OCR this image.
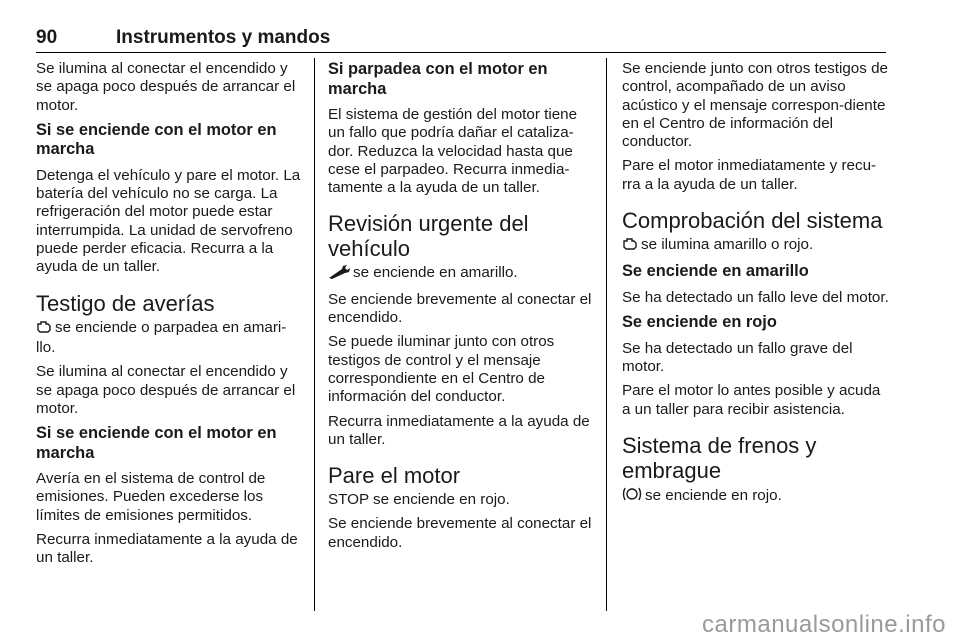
90	Instrumentos y mandos

Se ilumina al conectar el encendido y se apaga poco después de arrancar el motor.

Si se enciende con el motor en marcha

Detenga el vehículo y pare el motor. La batería del vehículo no se carga. La refrigeración del motor puede estar interrumpida. La unidad de servofreno puede perder eficacia. Recurra a la ayuda de un taller.

Testigo de averías

se enciende o parpadea en amari-llo.

Se ilumina al conectar el encendido y se apaga poco después de arrancar el motor.

Si se enciende con el motor en marcha

Avería en el sistema de control de emisiones. Pueden excederse los límites de emisiones permitidos.

Recurra inmediatamente a la ayuda de un taller.

Si parpadea con el motor en marcha

El sistema de gestión del motor tiene un fallo que podría dañar el cataliza-dor. Reduzca la velocidad hasta que cese el parpadeo. Recurra inmedia-tamente a la ayuda de un taller.

Revisión urgente del vehículo

se enciende en amarillo.

Se enciende brevemente al conectar el encendido.

Se puede iluminar junto con otros testigos de control y el mensaje correspondiente en el Centro de información del conductor.

Recurra inmediatamente a la ayuda de un taller.

Pare el motor

STOP se enciende en rojo.

Se enciende brevemente al conectar el encendido.

Se enciende junto con otros testigos de control, acompañado de un aviso acústico y el mensaje correspon-diente en el Centro de información del conductor.

Pare el motor inmediatamente y recu-rra a la ayuda de un taller.

Comprobación del sistema

se ilumina amarillo o rojo.

Se enciende en amarillo

Se ha detectado un fallo leve del motor.

Se enciende en rojo

Se ha detectado un fallo grave del motor.

Pare el motor lo antes posible y acuda a un taller para recibir asistencia.

Sistema de frenos y embrague

se enciende en rojo.

carmanualsonline.info
